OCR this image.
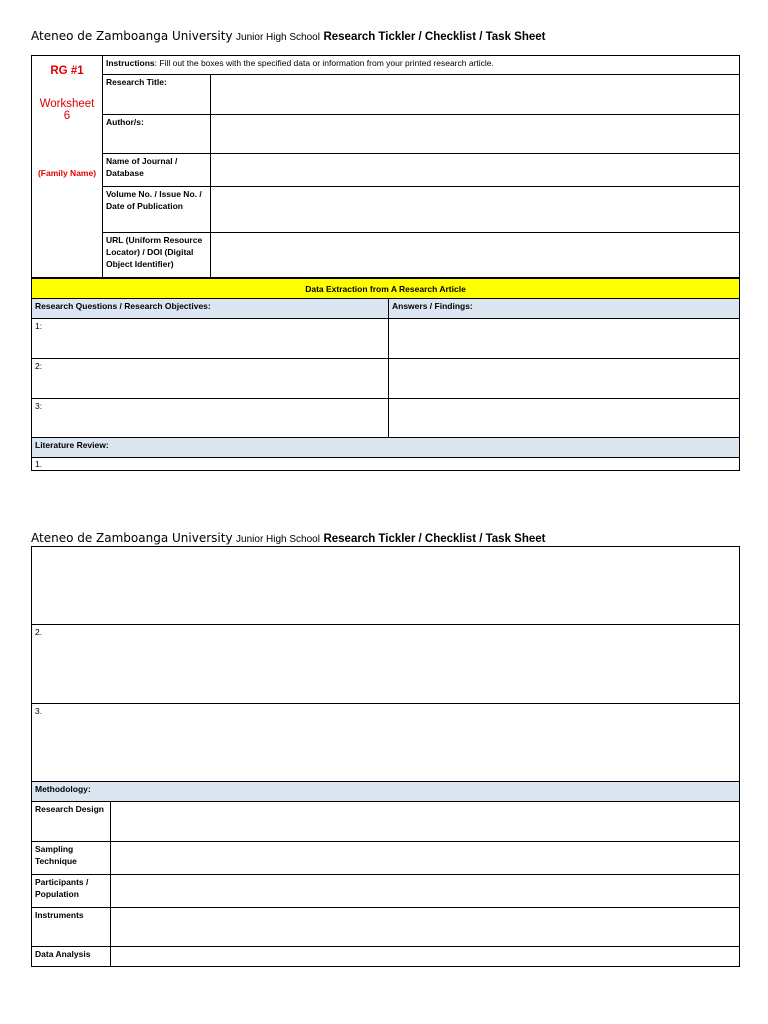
Ateneo de Zamboanga University Junior High School Research Tickler / Checklist / Task Sheet
RG #1
Worksheet 6
(Family Name)	Instructions: Fill out the boxes with the specified data or information from your printed research article.	
	Research Title:	
	Author/s:	
	Name of Journal / Database	
	Volume No. / Issue No. / Date of Publication	
	URL (Uniform Resource Locator) / DOI (Digital Object Identifier)	
Data Extraction from A Research Article	
Research Questions / Research Objectives:	Answers / Findings:
1:	
2:	
3:	
Literature Review:	
1.	
Ateneo de Zamboanga University Junior High School Research Tickler / Checklist / Task Sheet

2.	
3.	
Methodology:	
Research Design	
Sampling Technique	
Participants / Population	
Instruments	
Data Analysis	
